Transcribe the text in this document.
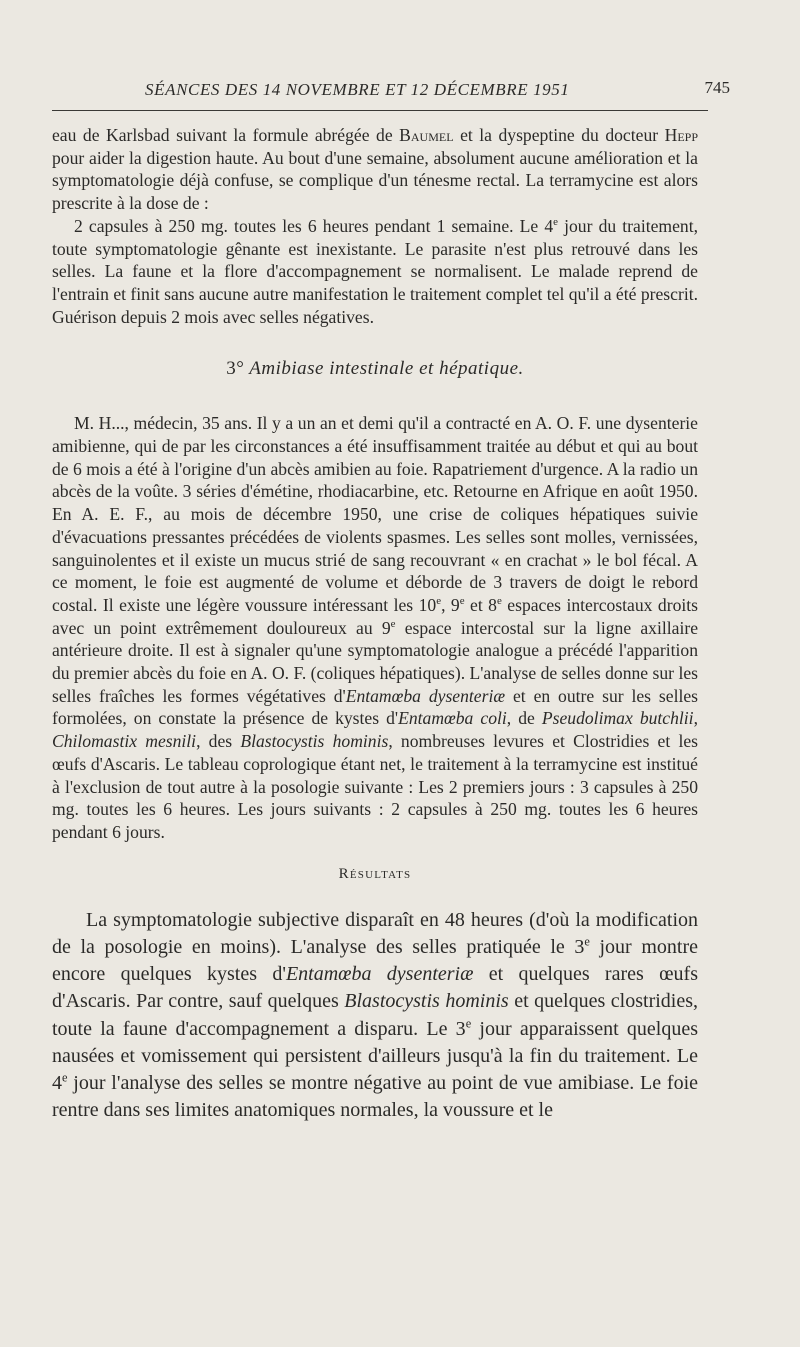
SÉANCES DES 14 NOVEMBRE ET 12 DÉCEMBRE 1951	745

eau de Karlsbad suivant la formule abrégée de Baumel et la dyspeptine du docteur Hepp pour aider la digestion haute. Au bout d'une semaine, absolument aucune amélioration et la symptomatologie déjà confuse, se complique d'un ténesme rectal. La terramycine est alors prescrite à la dose de :

2 capsules à 250 mg. toutes les 6 heures pendant 1 semaine. Le 4e jour du traitement, toute symptomatologie gênante est inexistante. Le parasite n'est plus retrouvé dans les selles. La faune et la flore d'accompagnement se normalisent. Le malade reprend de l'entrain et finit sans aucune autre manifestation le traitement complet tel qu'il a été prescrit. Guérison depuis 2 mois avec selles négatives.

3° Amibiase intestinale et hépatique.

M. H..., médecin, 35 ans. Il y a un an et demi qu'il a contracté en A. O. F. une dysenterie amibienne, qui de par les circonstances a été insuffisamment traitée au début et qui au bout de 6 mois a été à l'origine d'un abcès amibien au foie. Rapatriement d'urgence. A la radio un abcès de la voûte. 3 séries d'émétine, rhodiacarbine, etc. Retourne en Afrique en août 1950. En A. E. F., au mois de décembre 1950, une crise de coliques hépatiques suivie d'évacuations pressantes précédées de violents spasmes. Les selles sont molles, vernissées, sanguinolentes et il existe un mucus strié de sang recouvrant « en crachat » le bol fécal. A ce moment, le foie est augmenté de volume et déborde de 3 travers de doigt le rebord costal. Il existe une légère voussure intéressant les 10e, 9e et 8e espaces intercostaux droits avec un point extrêmement douloureux au 9e espace intercostal sur la ligne axillaire antérieure droite. Il est à signaler qu'une symptomatologie analogue a précédé l'apparition du premier abcès du foie en A. O. F. (coliques hépatiques). L'analyse de selles donne sur les selles fraîches les formes végétatives d'Entamœba dysenteriæ et en outre sur les selles formolées, on constate la présence de kystes d'Entamœba coli, de Pseudolimax butchlii, Chilomastix mesnili, des Blastocystis hominis, nombreuses levures et Clostridies et les œufs d'Ascaris. Le tableau coprologique étant net, le traitement à la terramycine est institué à l'exclusion de tout autre à la posologie suivante : Les 2 premiers jours : 3 capsules à 250 mg. toutes les 6 heures. Les jours suivants : 2 capsules à 250 mg. toutes les 6 heures pendant 6 jours.

Résultats

La symptomatologie subjective disparaît en 48 heures (d'où la modification de la posologie en moins). L'analyse des selles pratiquée le 3e jour montre encore quelques kystes d'Entamœba dysenteriæ et quelques rares œufs d'Ascaris. Par contre, sauf quelques Blastocystis hominis et quelques clostridies, toute la faune d'accompagnement a disparu. Le 3e jour apparaissent quelques nausées et vomissement qui persistent d'ailleurs jusqu'à la fin du traitement. Le 4e jour l'analyse des selles se montre négative au point de vue amibiase. Le foie rentre dans ses limites anatomiques normales, la voussure et le
